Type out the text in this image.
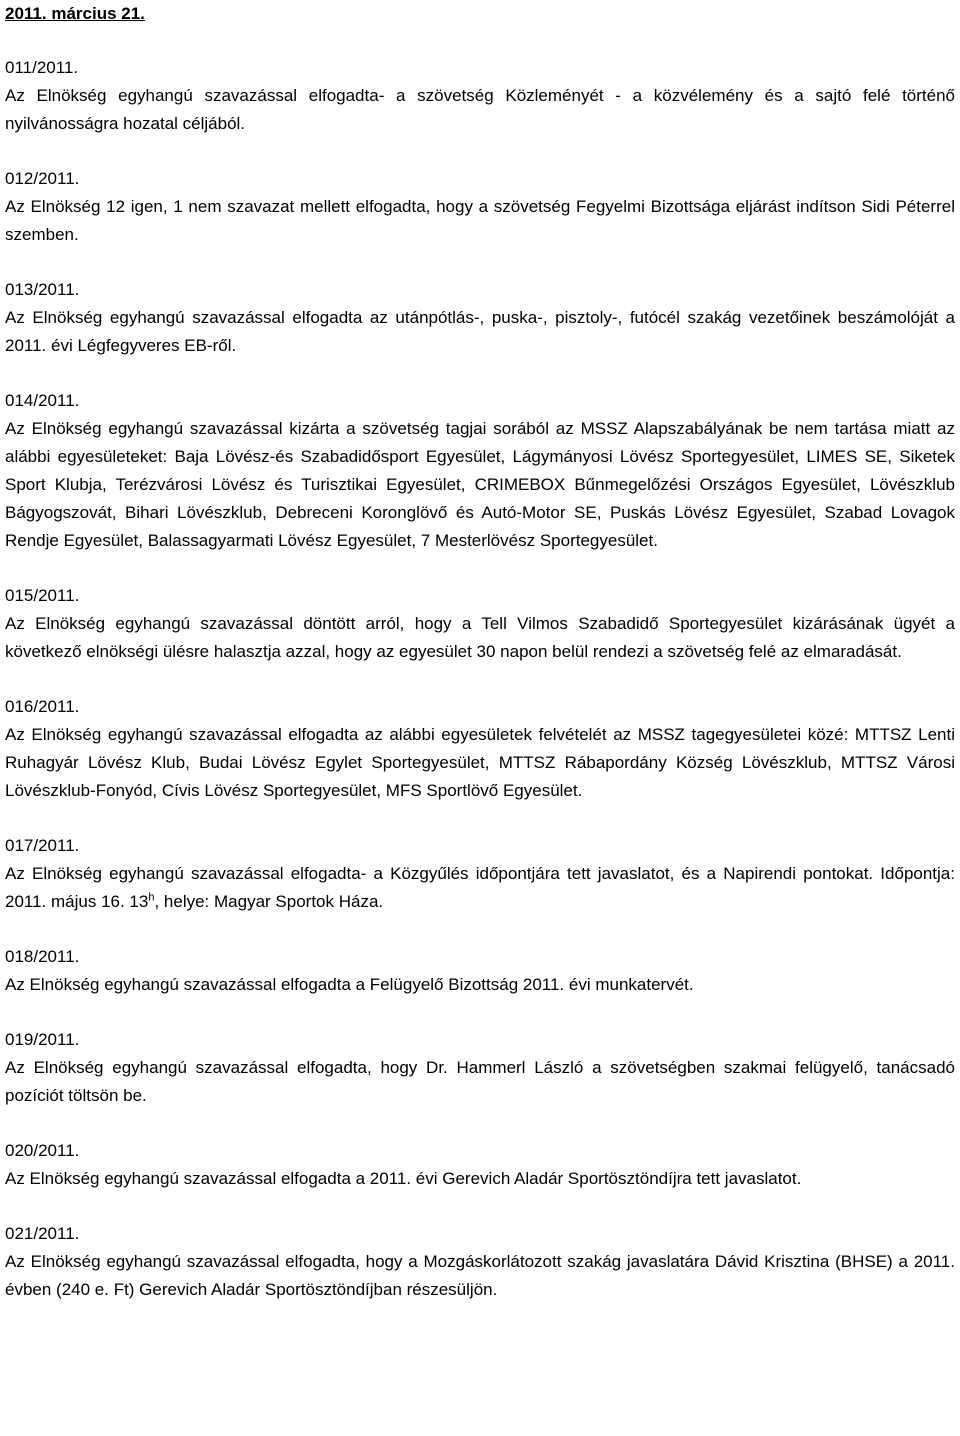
2011. március 21.
011/2011.
Az Elnökség egyhangú szavazással elfogadta- a szövetség Közleményét - a közvélemény és a sajtó felé történő nyilvánosságra hozatal céljából.
012/2011.
Az Elnökség 12 igen, 1 nem szavazat mellett elfogadta, hogy a szövetség Fegyelmi Bizottsága eljárást indítson Sidi Péterrel szemben.
013/2011.
Az Elnökség egyhangú szavazással elfogadta az utánpótlás-, puska-, pisztoly-, futócél szakág vezetőinek beszámolóját a 2011. évi Légfegyveres EB-ről.
014/2011.
Az Elnökség egyhangú szavazással kizárta a szövetség tagjai sorából az MSSZ Alapszabályának be nem tartása miatt az alábbi egyesületeket: Baja Lövész-és Szabadidősport Egyesület, Lágymányosi Lövész Sportegyesület, LIMES SE, Siketek Sport Klubja, Terézvárosi Lövész és Turisztikai Egyesület, CRIMEBOX Bűnmegelőzési Országos Egyesület, Lövészklub Bágyogszovát, Bihari Lövészklub, Debreceni Koronglövő és Autó-Motor SE, Puskás Lövész Egyesület, Szabad Lovagok Rendje Egyesület, Balassagyarmati Lövész Egyesület, 7 Mesterlövész Sportegyesület.
015/2011.
Az Elnökség egyhangú szavazással döntött arról, hogy a Tell Vilmos Szabadidő Sportegyesület kizárásának ügyét a következő elnökségi ülésre halasztja azzal, hogy az egyesület 30 napon belül rendezi a szövetség felé az elmaradását.
016/2011.
Az Elnökség egyhangú szavazással elfogadta az alábbi egyesületek felvételét az MSSZ tagegyesületei közé: MTTSZ Lenti Ruhagyár Lövész Klub, Budai Lövész Egylet Sportegyesület, MTTSZ Rábapordány Község Lövészklub, MTTSZ Városi Lövészklub-Fonyód, Cívis Lövész Sportegyesület, MFS Sportlövő Egyesület.
017/2011.
Az Elnökség egyhangú szavazással elfogadta- a Közgyűlés időpontjára tett javaslatot, és a Napirendi pontokat. Időpontja: 2011. május 16. 13$^h$, helye: Magyar Sportok Háza.
018/2011.
Az Elnökség egyhangú szavazással elfogadta a Felügyelő Bizottság 2011. évi munkatervét.
019/2011.
Az Elnökség egyhangú szavazással elfogadta, hogy Dr. Hammerl László a szövetségben szakmai felügyelő, tanácsadó pozíciót töltsön be.
020/2011.
Az Elnökség egyhangú szavazással elfogadta a 2011. évi Gerevich Aladár Sportösztöndíjra tett javaslatot.
021/2011.
Az Elnökség egyhangú szavazással elfogadta, hogy a Mozgáskorlátozott szakág javaslatára Dávid Krisztina (BHSE) a 2011. évben (240 e. Ft) Gerevich Aladár Sportösztöndíjban részesüljön.
